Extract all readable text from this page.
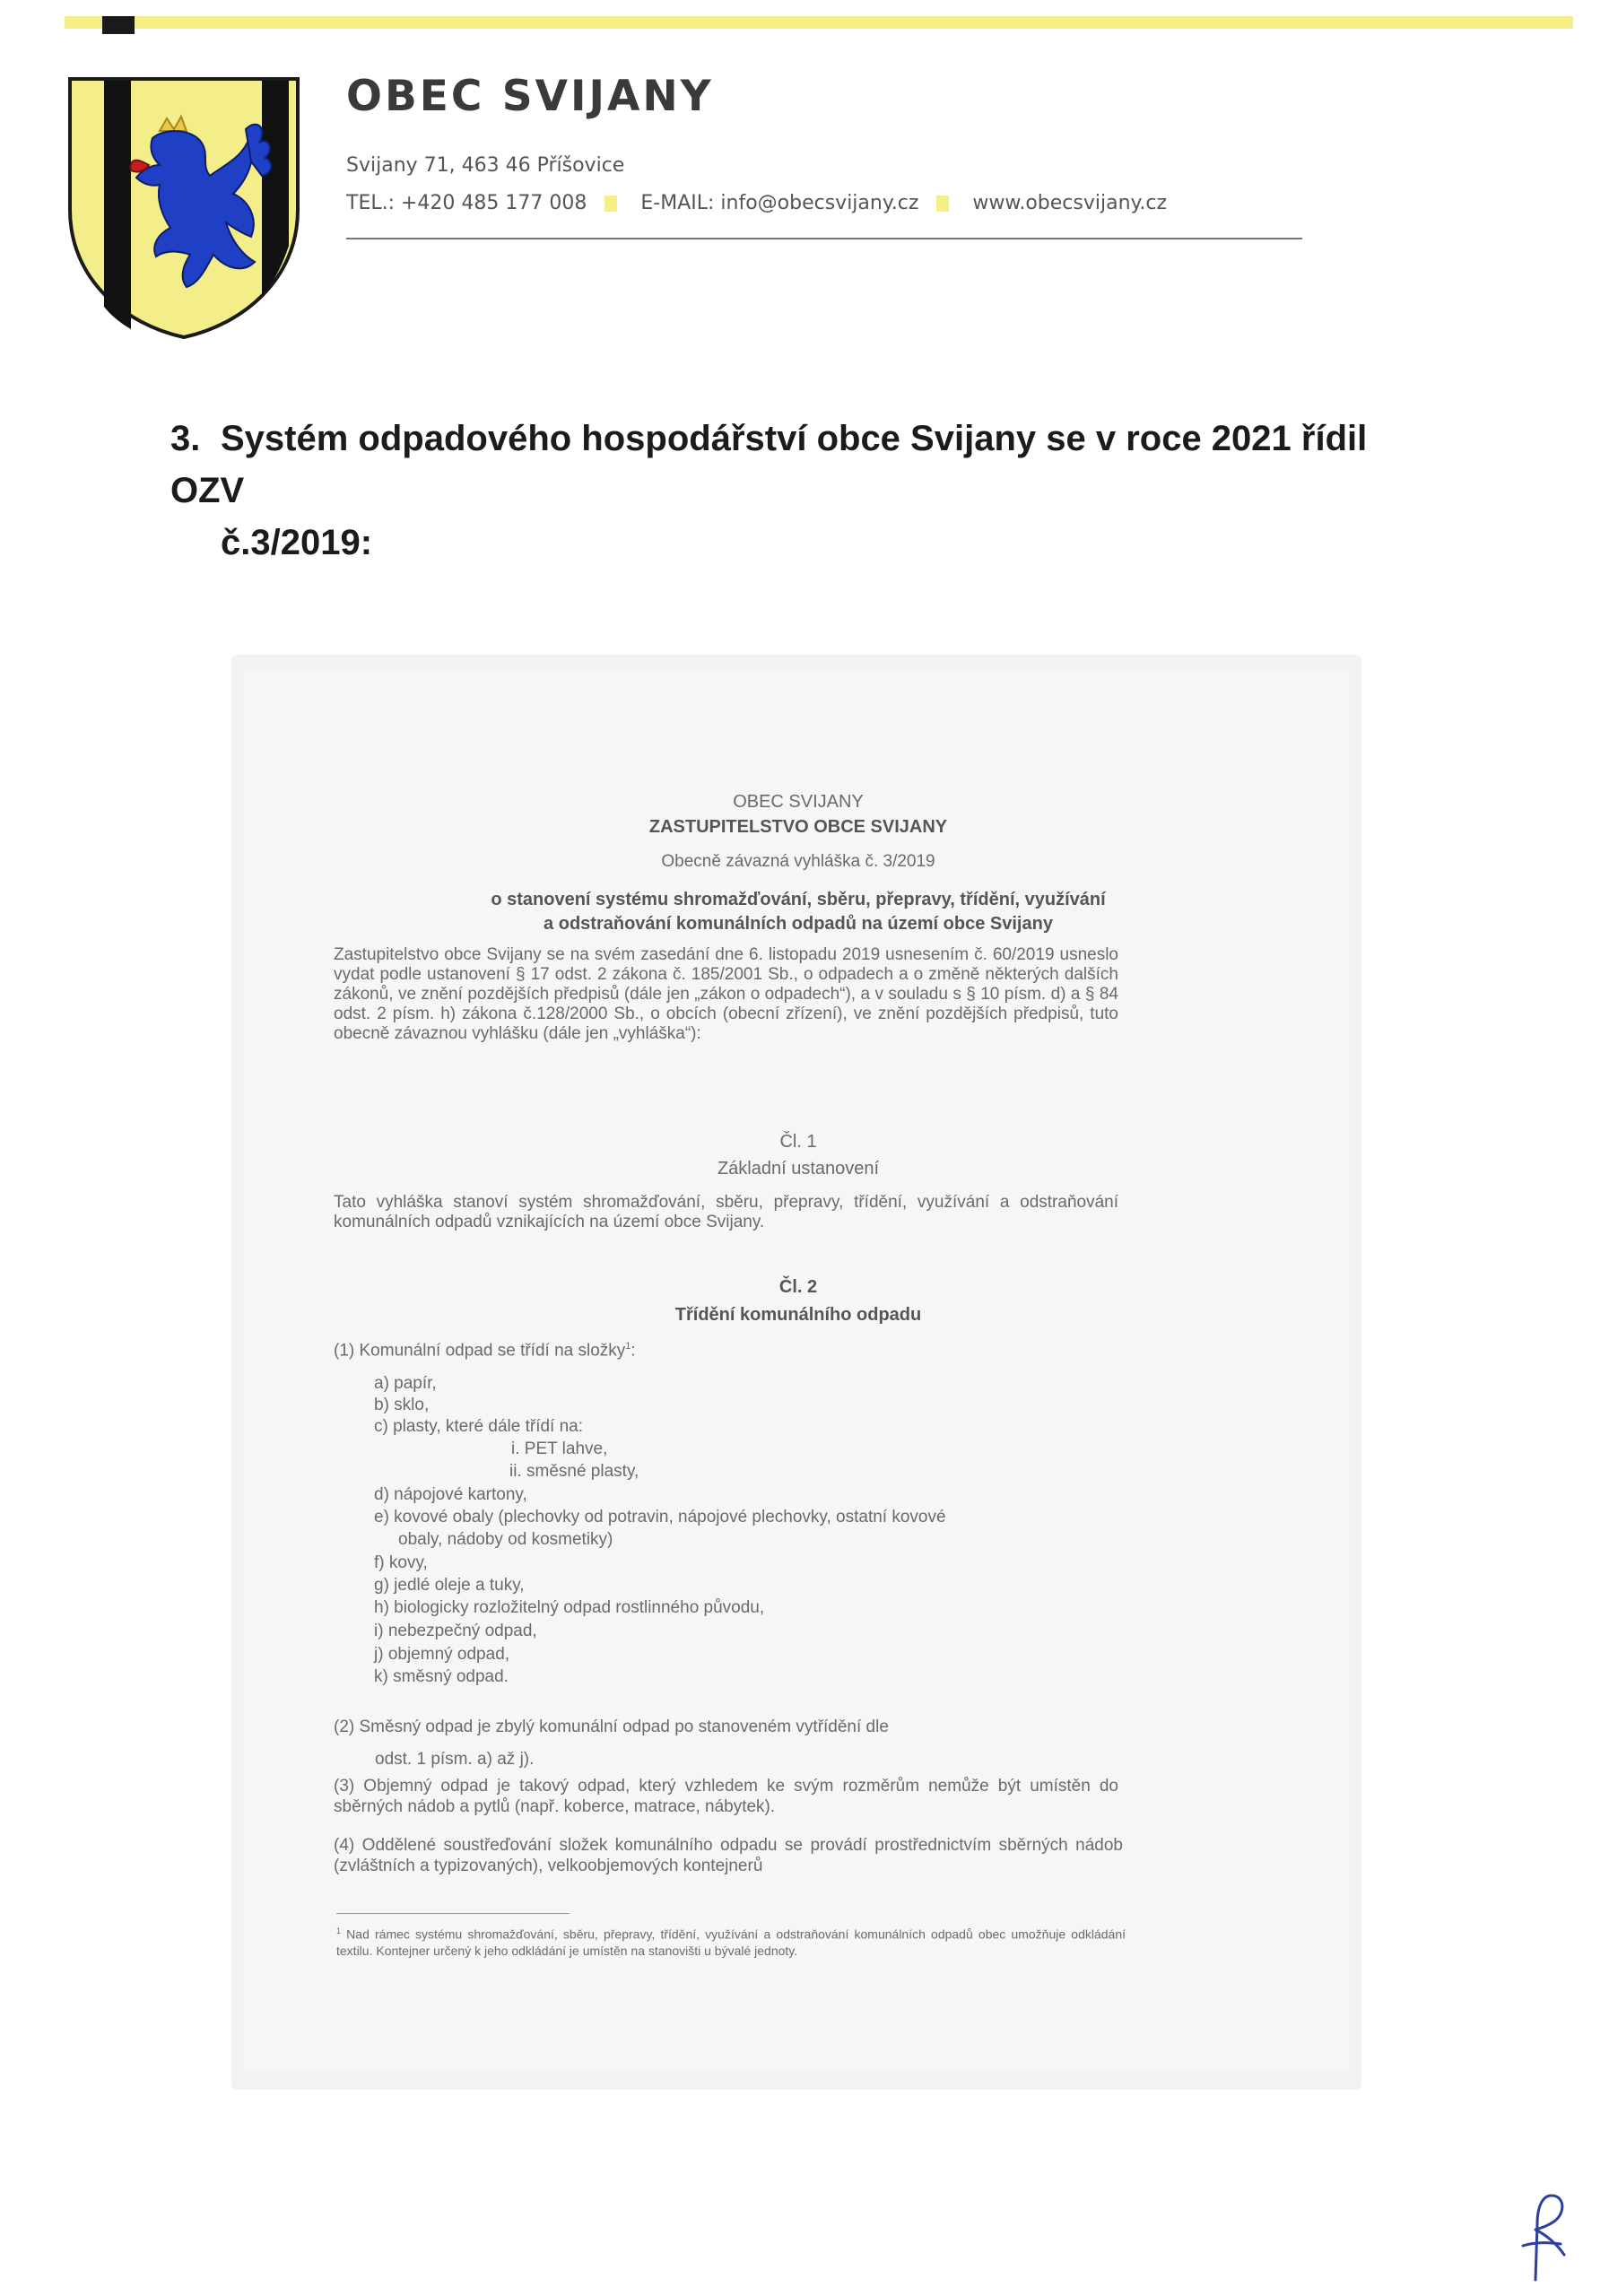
OBEC SVIJANY
Svijany 71, 463 46 Příšovice
TEL.: +420 485 177 008	E-MAIL: info@obecsvijany.cz	www.obecsvijany.cz
3. Systém odpadového hospodářství obce Svijany se v roce 2021 řídil OZV
č.3/2019:
OBEC SVIJANY
ZASTUPITELSTVO OBCE SVIJANY
Obecně závazná vyhláška č. 3/2019
o stanovení systému shromažďování, sběru, přepravy, třídění, využívání
a odstraňování komunálních odpadů na území obce Svijany
Zastupitelstvo obce Svijany se na svém zasedání dne 6. listopadu 2019 usnesením č. 60/2019 usneslo vydat podle ustanovení § 17 odst. 2 zákona č. 185/2001 Sb., o odpadech a o změně některých dalších zákonů, ve znění pozdějších předpisů (dále jen „zákon o odpadech“), a v souladu s § 10 písm. d) a § 84 odst. 2 písm. h) zákona č.128/2000 Sb., o obcích (obecní zřízení), ve znění pozdějších předpisů, tuto obecně závaznou vyhlášku (dále jen „vyhláška“):
Čl. 1
Základní ustanovení
Tato vyhláška stanoví systém shromažďování, sběru, přepravy, třídění, využívání a odstraňování komunálních odpadů vznikajících na území obce Svijany.
Čl. 2
Třídění komunálního odpadu
(1) Komunální odpad se třídí na složky$^1$:
a) papír,
b) sklo,
c) plasty, které dále třídí na:
i. PET lahve,
ii. směsné plasty,
d) nápojové kartony,
e) kovové obaly (plechovky od potravin, nápojové plechovky, ostatní kovové
obaly, nádoby od kosmetiky)
f) kovy,
g) jedlé oleje a tuky,
h) biologicky rozložitelný odpad rostlinného původu,
i) nebezpečný odpad,
j) objemný odpad,
k) směsný odpad.
(2) Směsný odpad je zbylý komunální odpad po stanoveném vytřídění dle
odst. 1 písm. a) až j).
(3) Objemný odpad je takový odpad, který vzhledem ke svým rozměrům nemůže být umístěn do sběrných nádob a pytlů (např. koberce, matrace, nábytek).
(4) Oddělené soustřeďování složek komunálního odpadu se provádí prostřednictvím sběrných nádob (zvláštních a typizovaných), velkoobjemových kontejnerů
$^1$ Nad rámec systému shromažďování, sběru, přepravy, třídění, využívání a odstraňování komunálních odpadů obec umožňuje odkládání textilu. Kontejner určený k jeho odkládání je umístěn na stanovišti u bývalé jednoty.
